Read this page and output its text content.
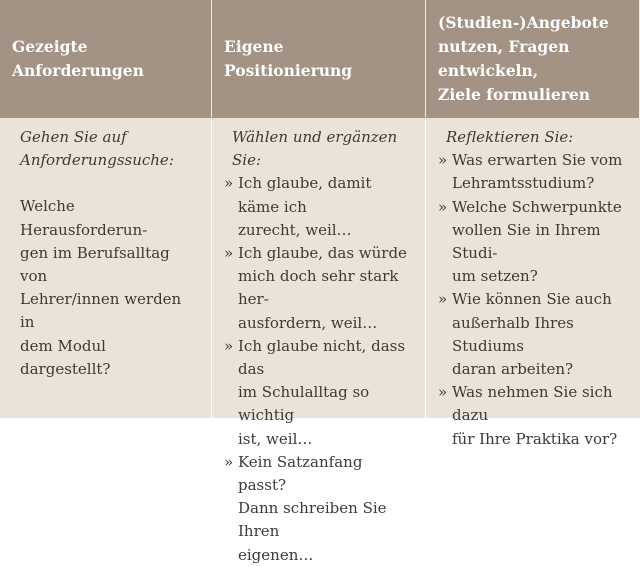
Gezeigte Anforderungen
Eigene Positionierung
(Studien-)Angebote
nutzen, Fragen entwickeln,
Ziele formulieren
Gehen Sie auf
Anforderungssuche:
Welche Herausforderun-
gen im Berufsalltag von
Lehrer/innen werden in
dem Modul dargestellt?
Wählen und ergänzen Sie:
» Ich glaube, damit käme ich
zurecht, weil…
» Ich glaube, das würde
mich doch sehr stark her-
ausfordern, weil…
» Ich glaube nicht, dass das
im Schulalltag so wichtig
ist, weil…
» Kein Satzanfang passt?
Dann schreiben Sie Ihren
eigenen…
Reflektieren Sie:
» Was erwarten Sie vom
Lehramtsstudium?
» Welche Schwerpunkte
wollen Sie in Ihrem Studi-
um setzen?
» Wie können Sie auch
außerhalb Ihres Studiums
daran arbeiten?
» Was nehmen Sie sich dazu
für Ihre Praktika vor?
